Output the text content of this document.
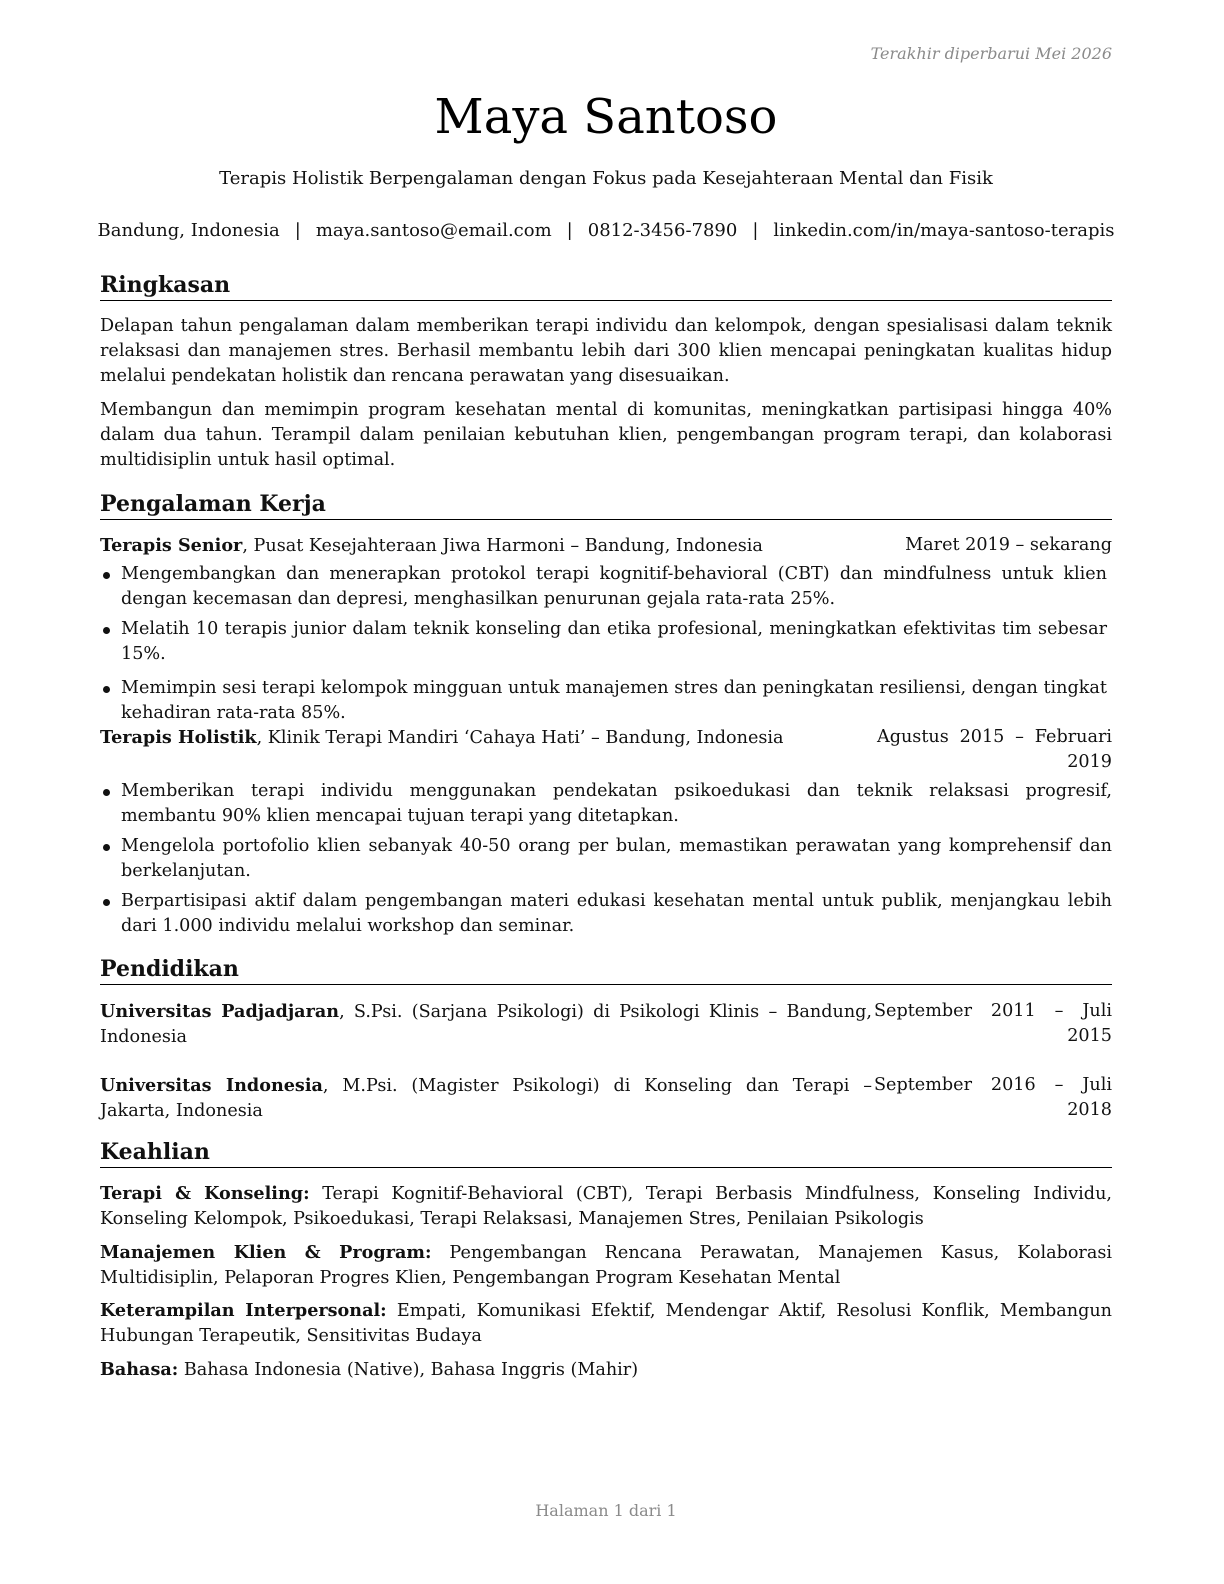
Terakhir diperbarui Mei 2026
Maya Santoso
Terapis Holistik Berpengalaman dengan Fokus pada Kesejahteraan Mental dan Fisik
Bandung, Indonesia | maya.santoso@email.com | 0812-3456-7890 | linkedin.com/in/maya-santoso-terapis
Ringkasan
Delapan tahun pengalaman dalam memberikan terapi individu dan kelompok, dengan spesialisasi dalam teknik relaksasi dan manajemen stres. Berhasil membantu lebih dari 300 klien mencapai peningkatan kualitas hidup melalui pendekatan holistik dan rencana perawatan yang disesuaikan.
Membangun dan memimpin program kesehatan mental di komunitas, meningkatkan partisipasi hingga 40% dalam dua tahun. Terampil dalam penilaian kebutuhan klien, pengembangan program terapi, dan kolaborasi multidisiplin untuk hasil optimal.
Pengalaman Kerja
Terapis Senior, Pusat Kesejahteraan Jiwa Harmoni – Bandung, Indonesia	Maret 2019 – sekarang
Mengembangkan dan menerapkan protokol terapi kognitif-behavioral (CBT) dan mindfulness untuk klien dengan kecemasan dan depresi, menghasilkan penurunan gejala rata-rata 25%.
Melatih 10 terapis junior dalam teknik konseling dan etika profesional, meningkatkan efektivitas tim sebesar 15%.
Memimpin sesi terapi kelompok mingguan untuk manajemen stres dan peningkatan resiliensi, dengan tingkat kehadiran rata-rata 85%.
Terapis Holistik, Klinik Terapi Mandiri ‘Cahaya Hati’ – Bandung, Indonesia	Agustus 2015 – Februari 2019
Memberikan terapi individu menggunakan pendekatan psikoedukasi dan teknik relaksasi progresif, membantu 90% klien mencapai tujuan terapi yang ditetapkan.
Mengelola portofolio klien sebanyak 40-50 orang per bulan, memastikan perawatan yang komprehensif dan berkelanjutan.
Berpartisipasi aktif dalam pengembangan materi edukasi kesehatan mental untuk publik, menjangkau lebih dari 1.000 individu melalui workshop dan seminar.
Pendidikan
Universitas Padjadjaran, S.Psi. (Sarjana Psikologi) di Psikologi Klinis – Bandung, Indonesia
September 2011 – Juli 2015
Universitas Indonesia, M.Psi. (Magister Psikologi) di Konseling dan Terapi – Jakarta, Indonesia
September 2016 – Juli 2018
Keahlian
Terapi & Konseling: Terapi Kognitif-Behavioral (CBT), Terapi Berbasis Mindfulness, Konseling Individu, Konseling Kelompok, Psikoedukasi, Terapi Relaksasi, Manajemen Stres, Penilaian Psikologis
Manajemen Klien & Program: Pengembangan Rencana Perawatan, Manajemen Kasus, Kolaborasi Multidisiplin, Pelaporan Progres Klien, Pengembangan Program Kesehatan Mental
Keterampilan Interpersonal: Empati, Komunikasi Efektif, Mendengar Aktif, Resolusi Konflik, Membangun Hubungan Terapeutik, Sensitivitas Budaya
Bahasa: Bahasa Indonesia (Native), Bahasa Inggris (Mahir)
Halaman 1 dari 1
